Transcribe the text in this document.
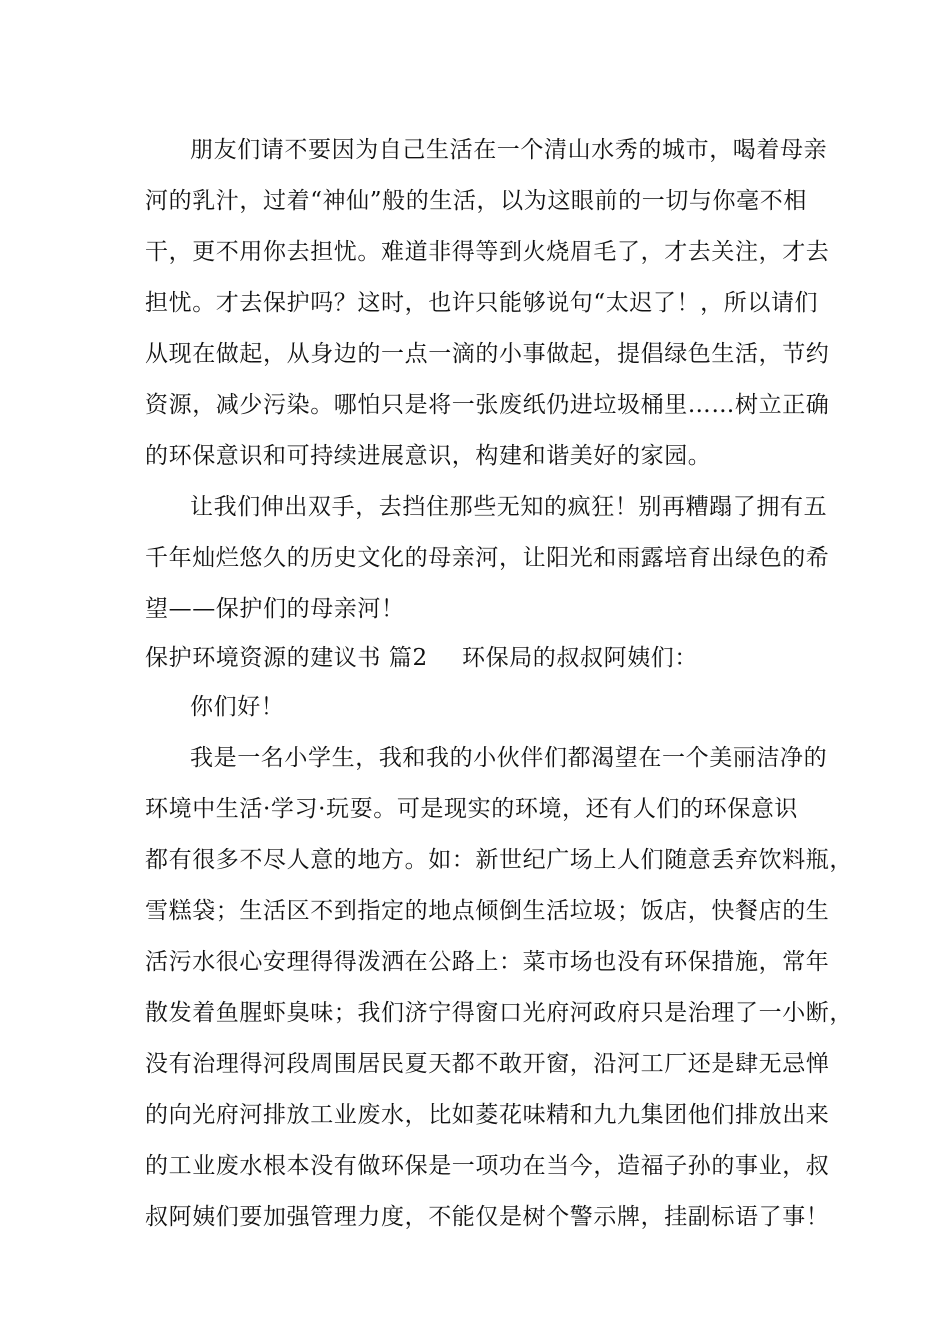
朋友们请不要因为自己生活在一个清山水秀的城市，喝着母亲
河的乳汁，过着“神仙”般的生活，以为这眼前的一切与你毫不相
干，更不用你去担忧。难道非得等到火烧眉毛了，才去关注，才去
担忧。才去保护吗？这时，也许只能够说句“太迟了！，所以请们
从现在做起，从身边的一点一滴的小事做起，提倡绿色生活，节约
资源，减少污染。哪怕只是将一张废纸仍进垃圾桶里……树立正确
的环保意识和可持续进展意识，构建和谐美好的家园。
让我们伸出双手，去挡住那些无知的疯狂！别再糟蹋了拥有五
千年灿烂悠久的历史文化的母亲河，让阳光和雨露培育出绿色的希
望——保护们的母亲河！
保护环境资源的建议书 篇2 环保局的叔叔阿姨们：
你们好！
我是一名小学生，我和我的小伙伴们都渴望在一个美丽洁净的
环境中生活·学习·玩耍。可是现实的环境，还有人们的环保意识
都有很多不尽人意的地方。如：新世纪广场上人们随意丢弃饮料瓶，
雪糕袋；生活区不到指定的地点倾倒生活垃圾；饭店，快餐店的生
活污水很心安理得得泼洒在公路上：菜市场也没有环保措施，常年
散发着鱼腥虾臭味；我们济宁得窗口光府河政府只是治理了一小断，
没有治理得河段周围居民夏天都不敢开窗，沿河工厂还是肆无忌惮
的向光府河排放工业废水，比如菱花味精和九九集团他们排放出来
的工业废水根本没有做环保是一项功在当今，造福子孙的事业，叔
叔阿姨们要加强管理力度，不能仅是树个警示牌，挂副标语了事！
